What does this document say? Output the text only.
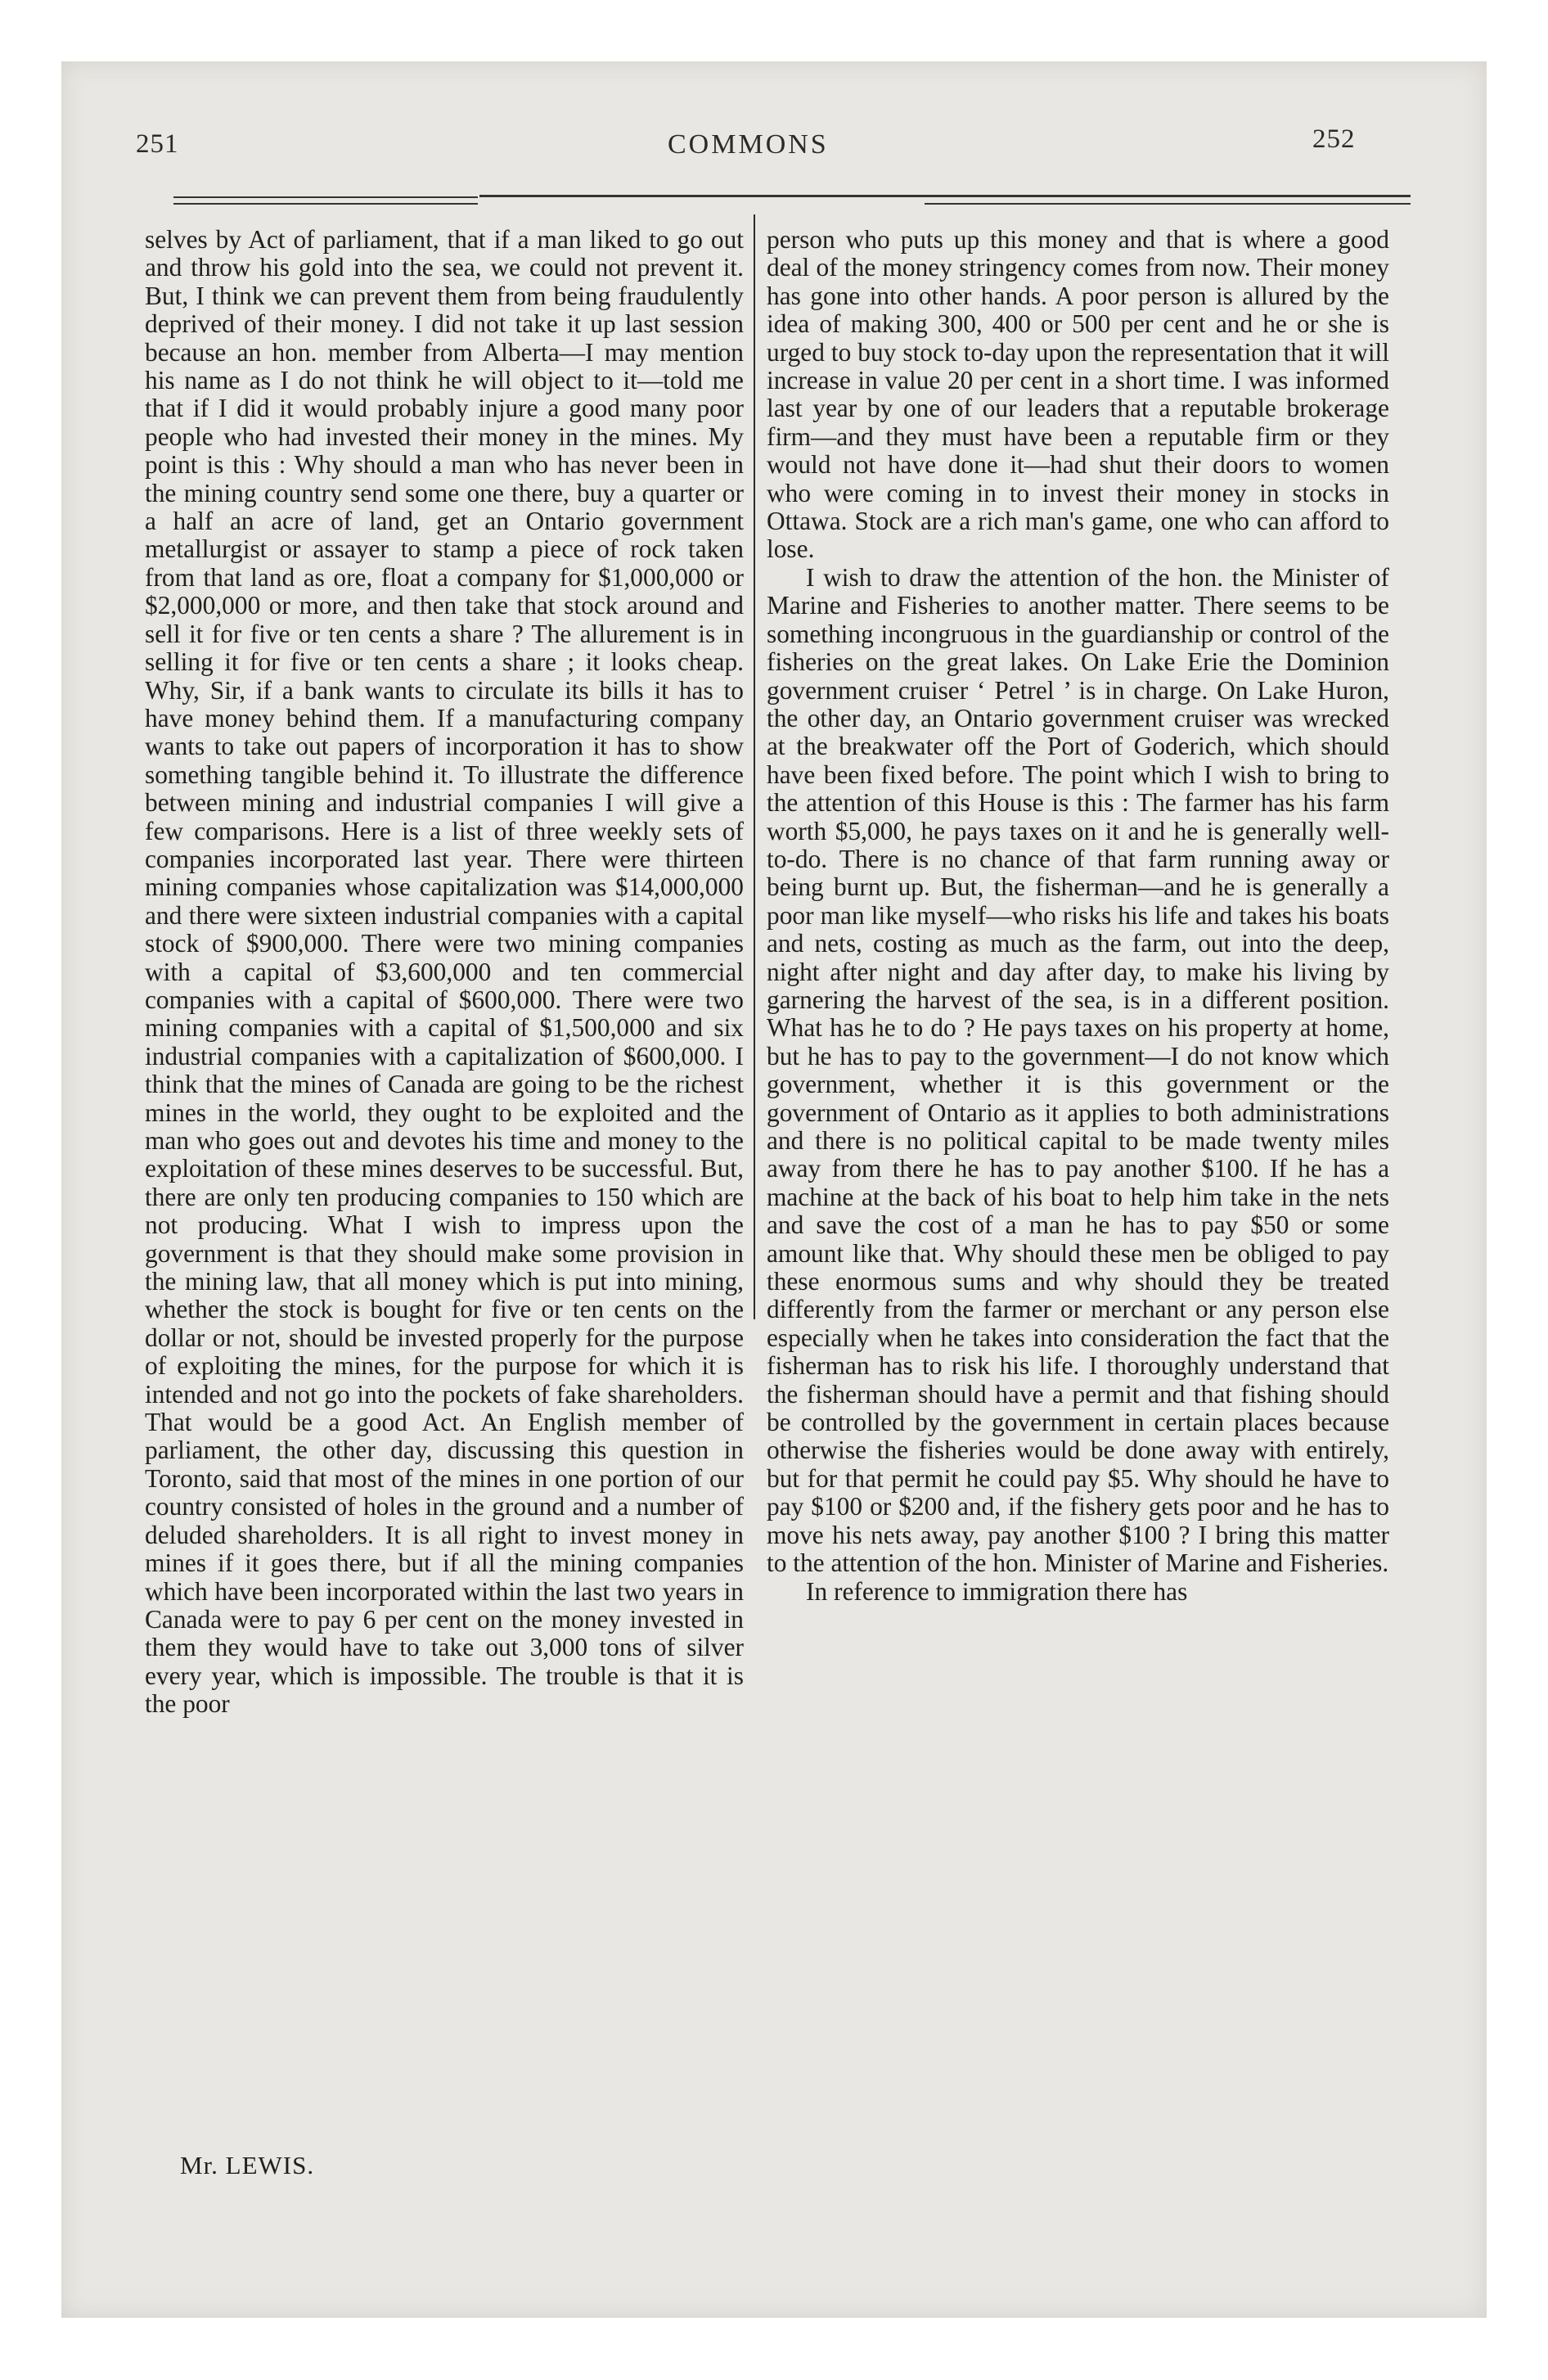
251	COMMONS	252

selves by Act of parliament, that if a man liked to go out and throw his gold into the sea, we could not prevent it. But, I think we can prevent them from being fraudulently deprived of their money. I did not take it up last session because an hon. member from Alberta—I may mention his name as I do not think he will object to it—told me that if I did it would probably injure a good many poor people who had invested their money in the mines. My point is this : Why should a man who has never been in the mining country send some one there, buy a quarter or a half an acre of land, get an Ontario government metallurgist or assayer to stamp a piece of rock taken from that land as ore, float a company for $1,000,000 or $2,000,000 or more, and then take that stock around and sell it for five or ten cents a share ? The allurement is in selling it for five or ten cents a share ; it looks cheap. Why, Sir, if a bank wants to circulate its bills it has to have money behind them. If a manufacturing company wants to take out papers of incorporation it has to show something tangible behind it. To illustrate the difference between mining and industrial companies I will give a few comparisons. Here is a list of three weekly sets of companies incorporated last year. There were thirteen mining companies whose capitalization was $14,000,000 and there were sixteen industrial companies with a capital stock of $900,000. There were two mining companies with a capital of $3,600,000 and ten commercial companies with a capital of $600,000. There were two mining companies with a capital of $1,500,000 and six industrial companies with a capitalization of $600,000. I think that the mines of Canada are going to be the richest mines in the world, they ought to be exploited and the man who goes out and devotes his time and money to the exploitation of these mines deserves to be successful. But, there are only ten producing companies to 150 which are not producing. What I wish to impress upon the government is that they should make some provision in the mining law, that all money which is put into mining, whether the stock is bought for five or ten cents on the dollar or not, should be invested properly for the purpose of exploiting the mines, for the purpose for which it is intended and not go into the pockets of fake shareholders. That would be a good Act. An English member of parliament, the other day, discussing this question in Toronto, said that most of the mines in one portion of our country consisted of holes in the ground and a number of deluded shareholders. It is all right to invest money in mines if it goes there, but if all the mining companies which have been incorporated within the last two years in Canada were to pay 6 per cent on the money invested in them they would have to take out 3,000 tons of silver every year, which is impossible. The trouble is that it is the poor

person who puts up this money and that is where a good deal of the money stringency comes from now. Their money has gone into other hands. A poor person is allured by the idea of making 300, 400 or 500 per cent and he or she is urged to buy stock to-day upon the representation that it will increase in value 20 per cent in a short time. I was informed last year by one of our leaders that a reputable brokerage firm—and they must have been a reputable firm or they would not have done it—had shut their doors to women who were coming in to invest their money in stocks in Ottawa. Stock are a rich man's game, one who can afford to lose.

I wish to draw the attention of the hon. the Minister of Marine and Fisheries to another matter. There seems to be something incongruous in the guardianship or control of the fisheries on the great lakes. On Lake Erie the Dominion government cruiser ‘ Petrel ’ is in charge. On Lake Huron, the other day, an Ontario government cruiser was wrecked at the breakwater off the Port of Goderich, which should have been fixed before. The point which I wish to bring to the attention of this House is this : The farmer has his farm worth $5,000, he pays taxes on it and he is generally well-to-do. There is no chance of that farm running away or being burnt up. But, the fisherman—and he is generally a poor man like myself—who risks his life and takes his boats and nets, costing as much as the farm, out into the deep, night after night and day after day, to make his living by garnering the harvest of the sea, is in a different position. What has he to do ? He pays taxes on his property at home, but he has to pay to the government—I do not know which government, whether it is this government or the government of Ontario as it applies to both administrations and there is no political capital to be made twenty miles away from there he has to pay another $100. If he has a machine at the back of his boat to help him take in the nets and save the cost of a man he has to pay $50 or some amount like that. Why should these men be obliged to pay these enormous sums and why should they be treated differently from the farmer or merchant or any person else especially when he takes into consideration the fact that the fisherman has to risk his life. I thoroughly understand that the fisherman should have a permit and that fishing should be controlled by the government in certain places because otherwise the fisheries would be done away with entirely, but for that permit he could pay $5. Why should he have to pay $100 or $200 and, if the fishery gets poor and he has to move his nets away, pay another $100 ? I bring this matter to the attention of the hon. Minister of Marine and Fisheries.

In reference to immigration there has

Mr. LEWIS.
